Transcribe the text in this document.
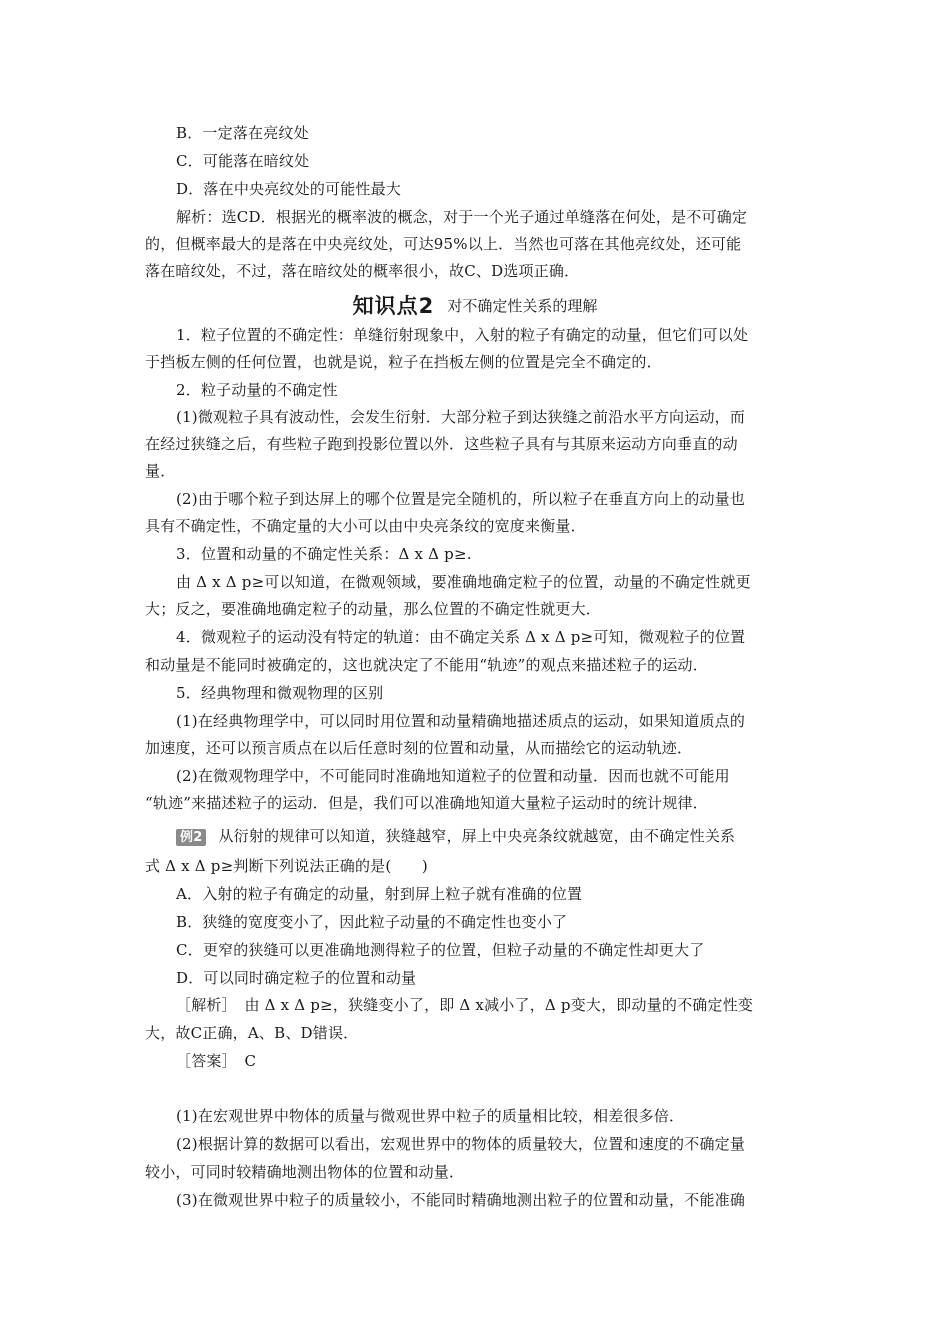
B．一定落在亮纹处
C．可能落在暗纹处
D．落在中央亮纹处的可能性最大
解析：选CD．根据光的概率波的概念，对于一个光子通过单缝落在何处，是不可确定
的，但概率最大的是落在中央亮纹处，可达95%以上．当然也可落在其他亮纹处，还可能
落在暗纹处，不过，落在暗纹处的概率很小，故C、D选项正确．
知识点2 对不确定性关系的理解
1．粒子位置的不确定性：单缝衍射现象中，入射的粒子有确定的动量，但它们可以处
于挡板左侧的任何位置，也就是说，粒子在挡板左侧的位置是完全不确定的．
2．粒子动量的不确定性
(1)微观粒子具有波动性，会发生衍射．大部分粒子到达狭缝之前沿水平方向运动，而
在经过狭缝之后，有些粒子跑到投影位置以外．这些粒子具有与其原来运动方向垂直的动
量．
(2)由于哪个粒子到达屏上的哪个位置是完全随机的，所以粒子在垂直方向上的动量也
具有不确定性，不确定量的大小可以由中央亮条纹的宽度来衡量．
3．位置和动量的不确定性关系：Δ x Δ p≥.
由 Δ x Δ p≥可以知道，在微观领域，要准确地确定粒子的位置，动量的不确定性就更
大；反之，要准确地确定粒子的动量，那么位置的不确定性就更大．
4．微观粒子的运动没有特定的轨道：由不确定关系 Δ x Δ p≥可知，微观粒子的位置
和动量是不能同时被确定的，这也就决定了不能用“轨迹”的观点来描述粒子的运动．
5．经典物理和微观物理的区别
(1)在经典物理学中，可以同时用位置和动量精确地描述质点的运动，如果知道质点的
加速度，还可以预言质点在以后任意时刻的位置和动量，从而描绘它的运动轨迹．
(2)在微观物理学中，不可能同时准确地知道粒子的位置和动量．因而也就不可能用
“轨迹”来描述粒子的运动．但是，我们可以准确地知道大量粒子运动时的统计规律．
例2 从衍射的规律可以知道，狭缝越窄，屏上中央亮条纹就越宽，由不确定性关系
式 Δ x Δ p≥判断下列说法正确的是(　　)
A．入射的粒子有确定的动量，射到屏上粒子就有准确的位置
B．狭缝的宽度变小了，因此粒子动量的不确定性也变小了
C．更窄的狭缝可以更准确地测得粒子的位置，但粒子动量的不确定性却更大了
D．可以同时确定粒子的位置和动量
［解析］　由 Δ x Δ p≥，狭缝变小了，即 Δ x减小了，Δ p变大，即动量的不确定性变
大，故C正确，A、B、D错误．
［答案］　C
(1)在宏观世界中物体的质量与微观世界中粒子的质量相比较，相差很多倍．
(2)根据计算的数据可以看出，宏观世界中的物体的质量较大，位置和速度的不确定量
较小，可同时较精确地测出物体的位置和动量．
(3)在微观世界中粒子的质量较小，不能同时精确地测出粒子的位置和动量，不能准确
